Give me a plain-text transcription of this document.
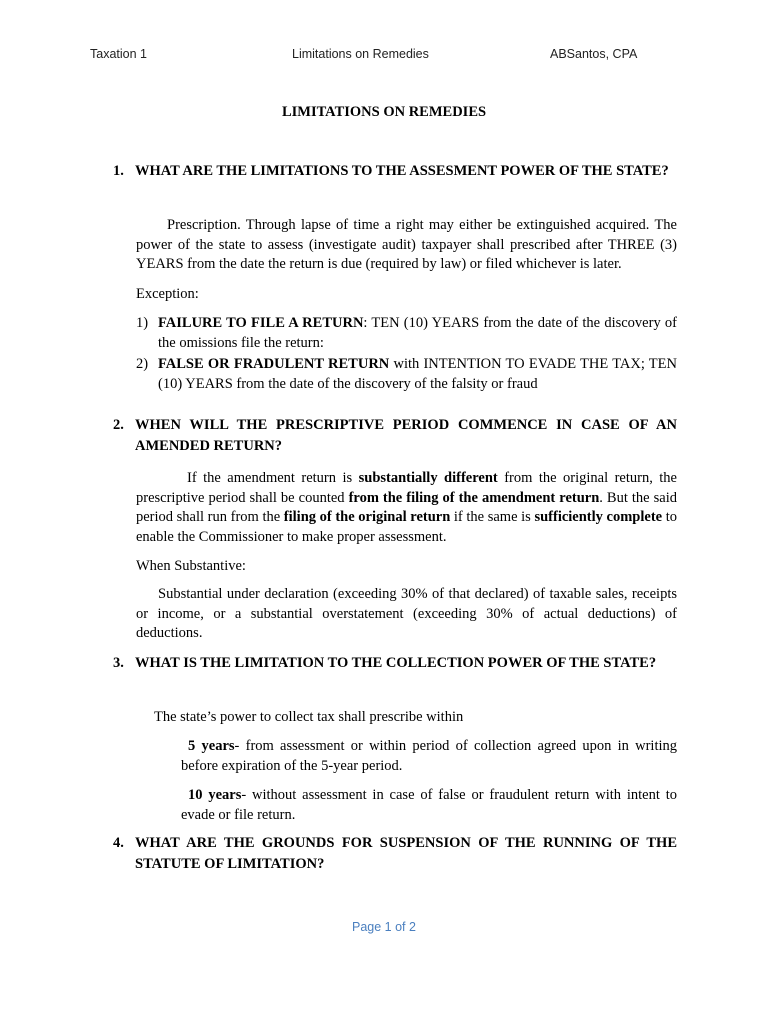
Taxation 1	Limitations on Remedies	ABSantos, CPA
LIMITATIONS ON REMEDIES
1. WHAT ARE THE LIMITATIONS TO THE ASSESMENT POWER OF THE STATE?
Prescription. Through lapse of time a right may either be extinguished acquired. The power of the state to assess (investigate audit) taxpayer shall prescribed after THREE (3) YEARS from the date the return is due (required by law) or filed whichever is later.
Exception:
1) FAILURE TO FILE A RETURN: TEN (10) YEARS from the date of the discovery of the omissions file the return:
2) FALSE OR FRADULENT RETURN with INTENTION TO EVADE THE TAX; TEN (10) YEARS from the date of the discovery of the falsity or fraud
2. WHEN WILL THE PRESCRIPTIVE PERIOD COMMENCE IN CASE OF AN AMENDED RETURN?
If the amendment return is substantially different from the original return, the prescriptive period shall be counted from the filing of the amendment return. But the said period shall run from the filing of the original return if the same is sufficiently complete to enable the Commissioner to make proper assessment.
When Substantive:
Substantial under declaration (exceeding 30% of that declared) of taxable sales, receipts or income, or a substantial overstatement (exceeding 30% of actual deductions) of deductions.
3. WHAT IS THE LIMITATION TO THE COLLECTION POWER OF THE STATE?
The state’s power to collect tax shall prescribe within
5 years- from assessment or within period of collection agreed upon in writing before expiration of the 5-year period.
10 years- without assessment in case of false or fraudulent return with intent to evade or file return.
4. WHAT ARE THE GROUNDS FOR SUSPENSION OF THE RUNNING OF THE STATUTE OF LIMITATION?
Page 1 of 2
